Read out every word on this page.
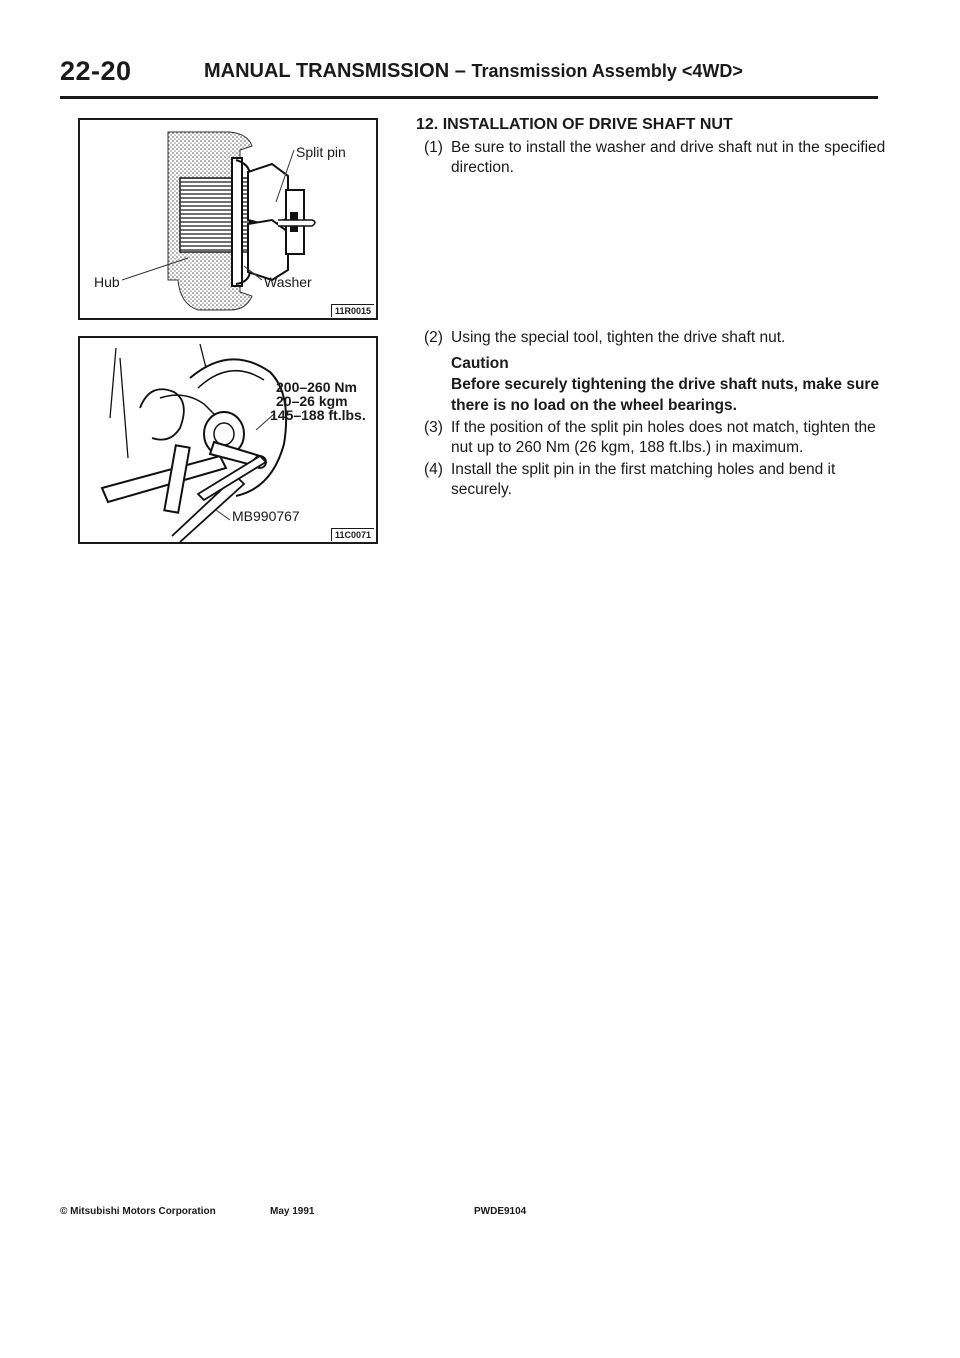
22-20	MANUAL TRANSMISSION – Transmission Assembly <4WD>
Split pin
Hub	Washer
11R0015
200–260 Nm
20–26 kgm
145–188 ft.lbs.
MB990767
11C0071
12. INSTALLATION OF DRIVE SHAFT NUT
(1) Be sure to install the washer and drive shaft nut in the specified direction.
(2) Using the special tool, tighten the drive shaft nut.
Caution
Before securely tightening the drive shaft nuts, make sure there is no load on the wheel bearings.
(3) If the position of the split pin holes does not match, tighten the nut up to 260 Nm (26 kgm, 188 ft.lbs.) in maximum.
(4) Install the split pin in the first matching holes and bend it securely.
© Mitsubishi Motors Corporation	May 1991	PWDE9104
